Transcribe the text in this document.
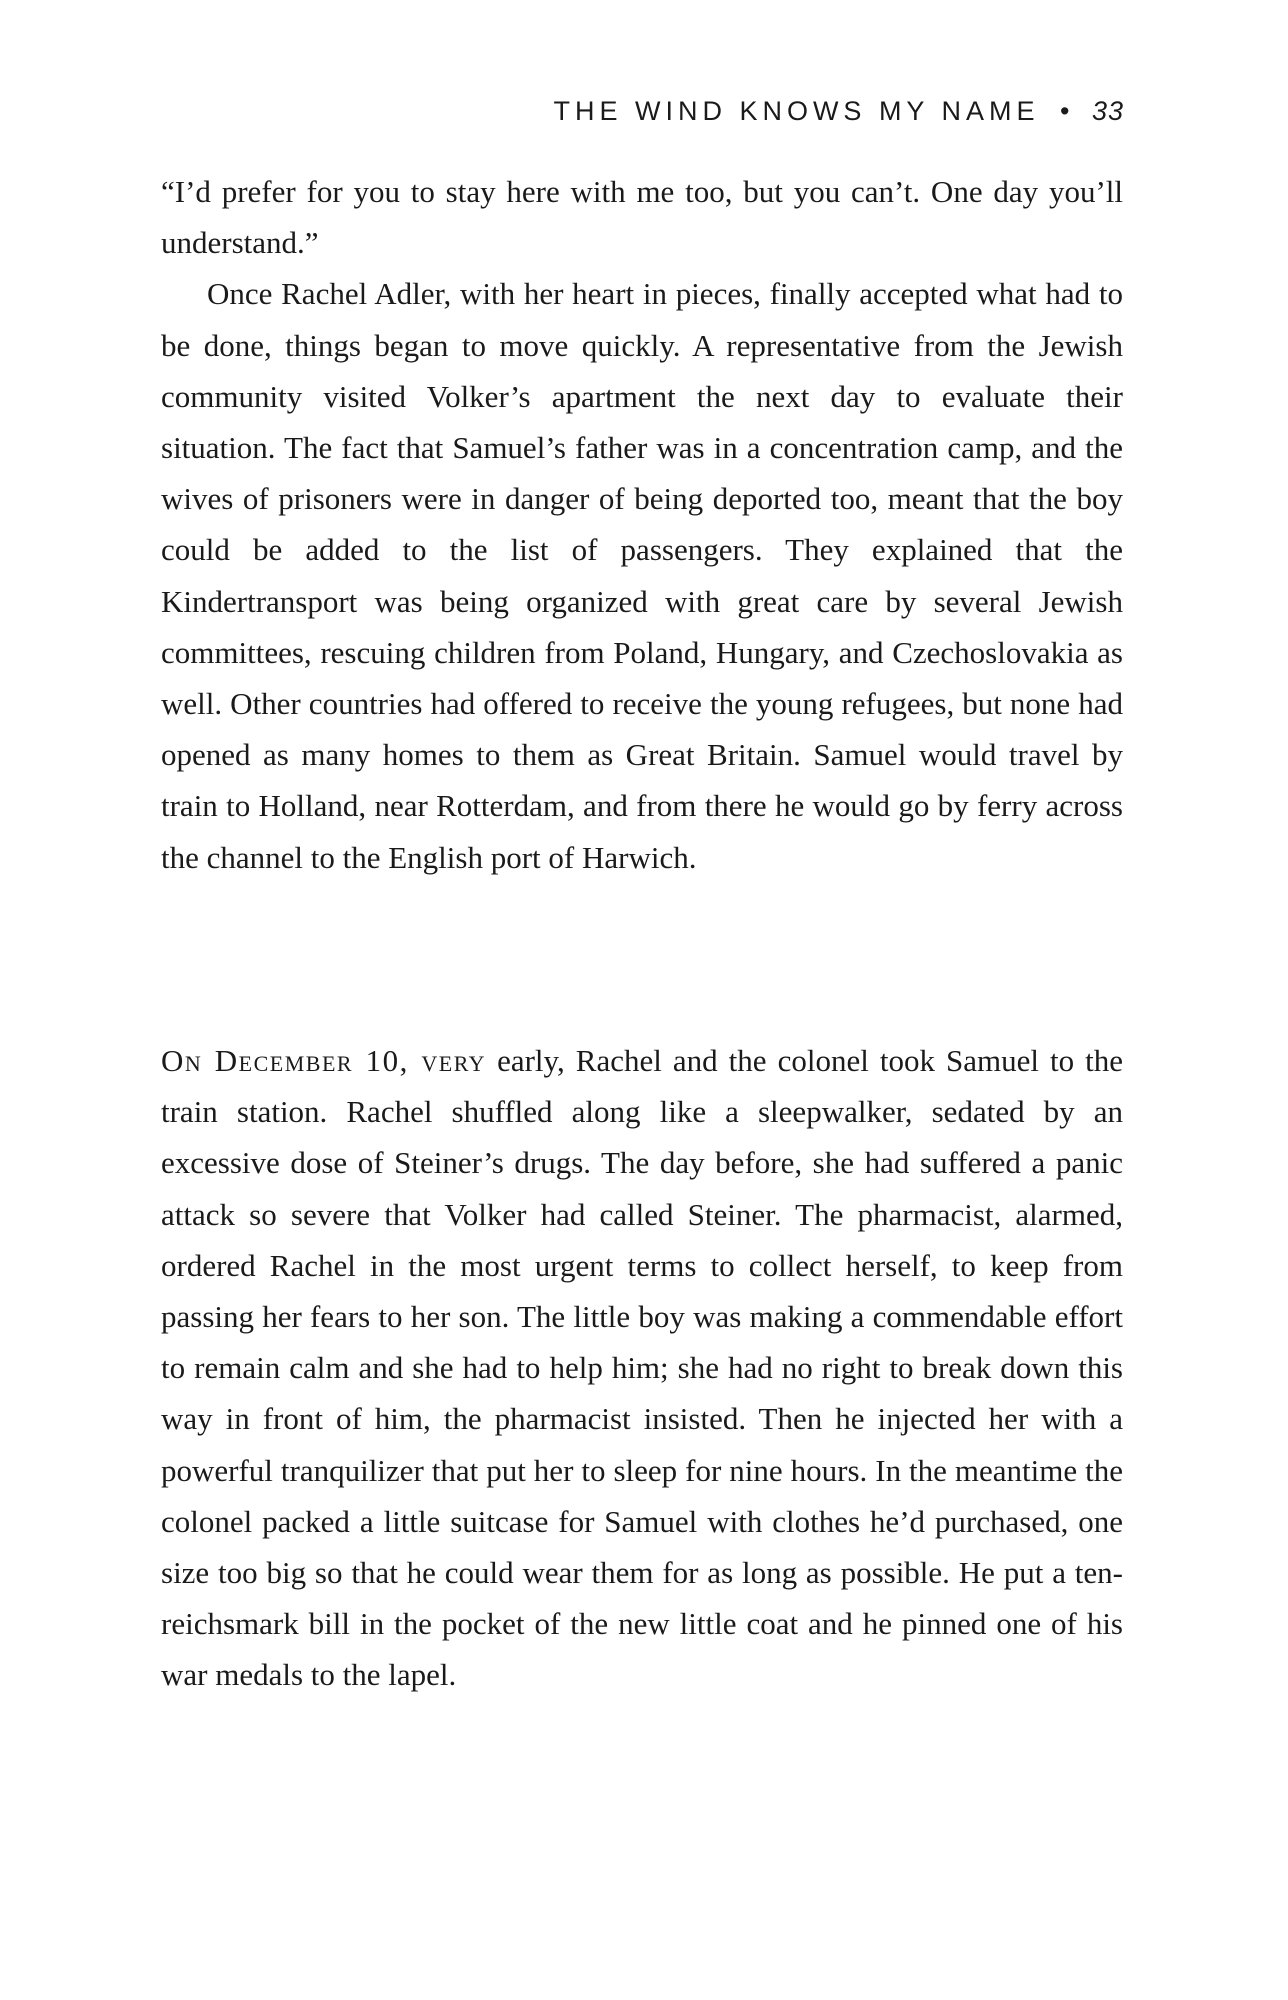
THE WIND KNOWS MY NAME • 33

“I’d prefer for you to stay here with me too, but you can’t. One day you’ll understand.”

Once Rachel Adler, with her heart in pieces, finally accepted what had to be done, things began to move quickly. A representative from the Jewish community visited Volker’s apartment the next day to evaluate their situation. The fact that Samuel’s father was in a concentration camp, and the wives of prisoners were in danger of being deported too, meant that the boy could be added to the list of passengers. They explained that the Kindertransport was being organized with great care by several Jewish committees, rescuing children from Poland, Hungary, and Czechoslovakia as well. Other countries had offered to receive the young refugees, but none had opened as many homes to them as Great Britain. Samuel would travel by train to Holland, near Rotterdam, and from there he would go by ferry across the channel to the English port of Harwich.

On December 10, very early, Rachel and the colonel took Samuel to the train station. Rachel shuffled along like a sleepwalker, sedated by an excessive dose of Steiner’s drugs. The day before, she had suffered a panic attack so severe that Volker had called Steiner. The pharmacist, alarmed, ordered Rachel in the most urgent terms to collect herself, to keep from passing her fears to her son. The little boy was making a commendable effort to remain calm and she had to help him; she had no right to break down this way in front of him, the pharmacist insisted. Then he injected her with a powerful tranquilizer that put her to sleep for nine hours. In the meantime the colonel packed a little suitcase for Samuel with clothes he’d purchased, one size too big so that he could wear them for as long as possible. He put a ten-reichsmark bill in the pocket of the new little coat and he pinned one of his war medals to the lapel.
